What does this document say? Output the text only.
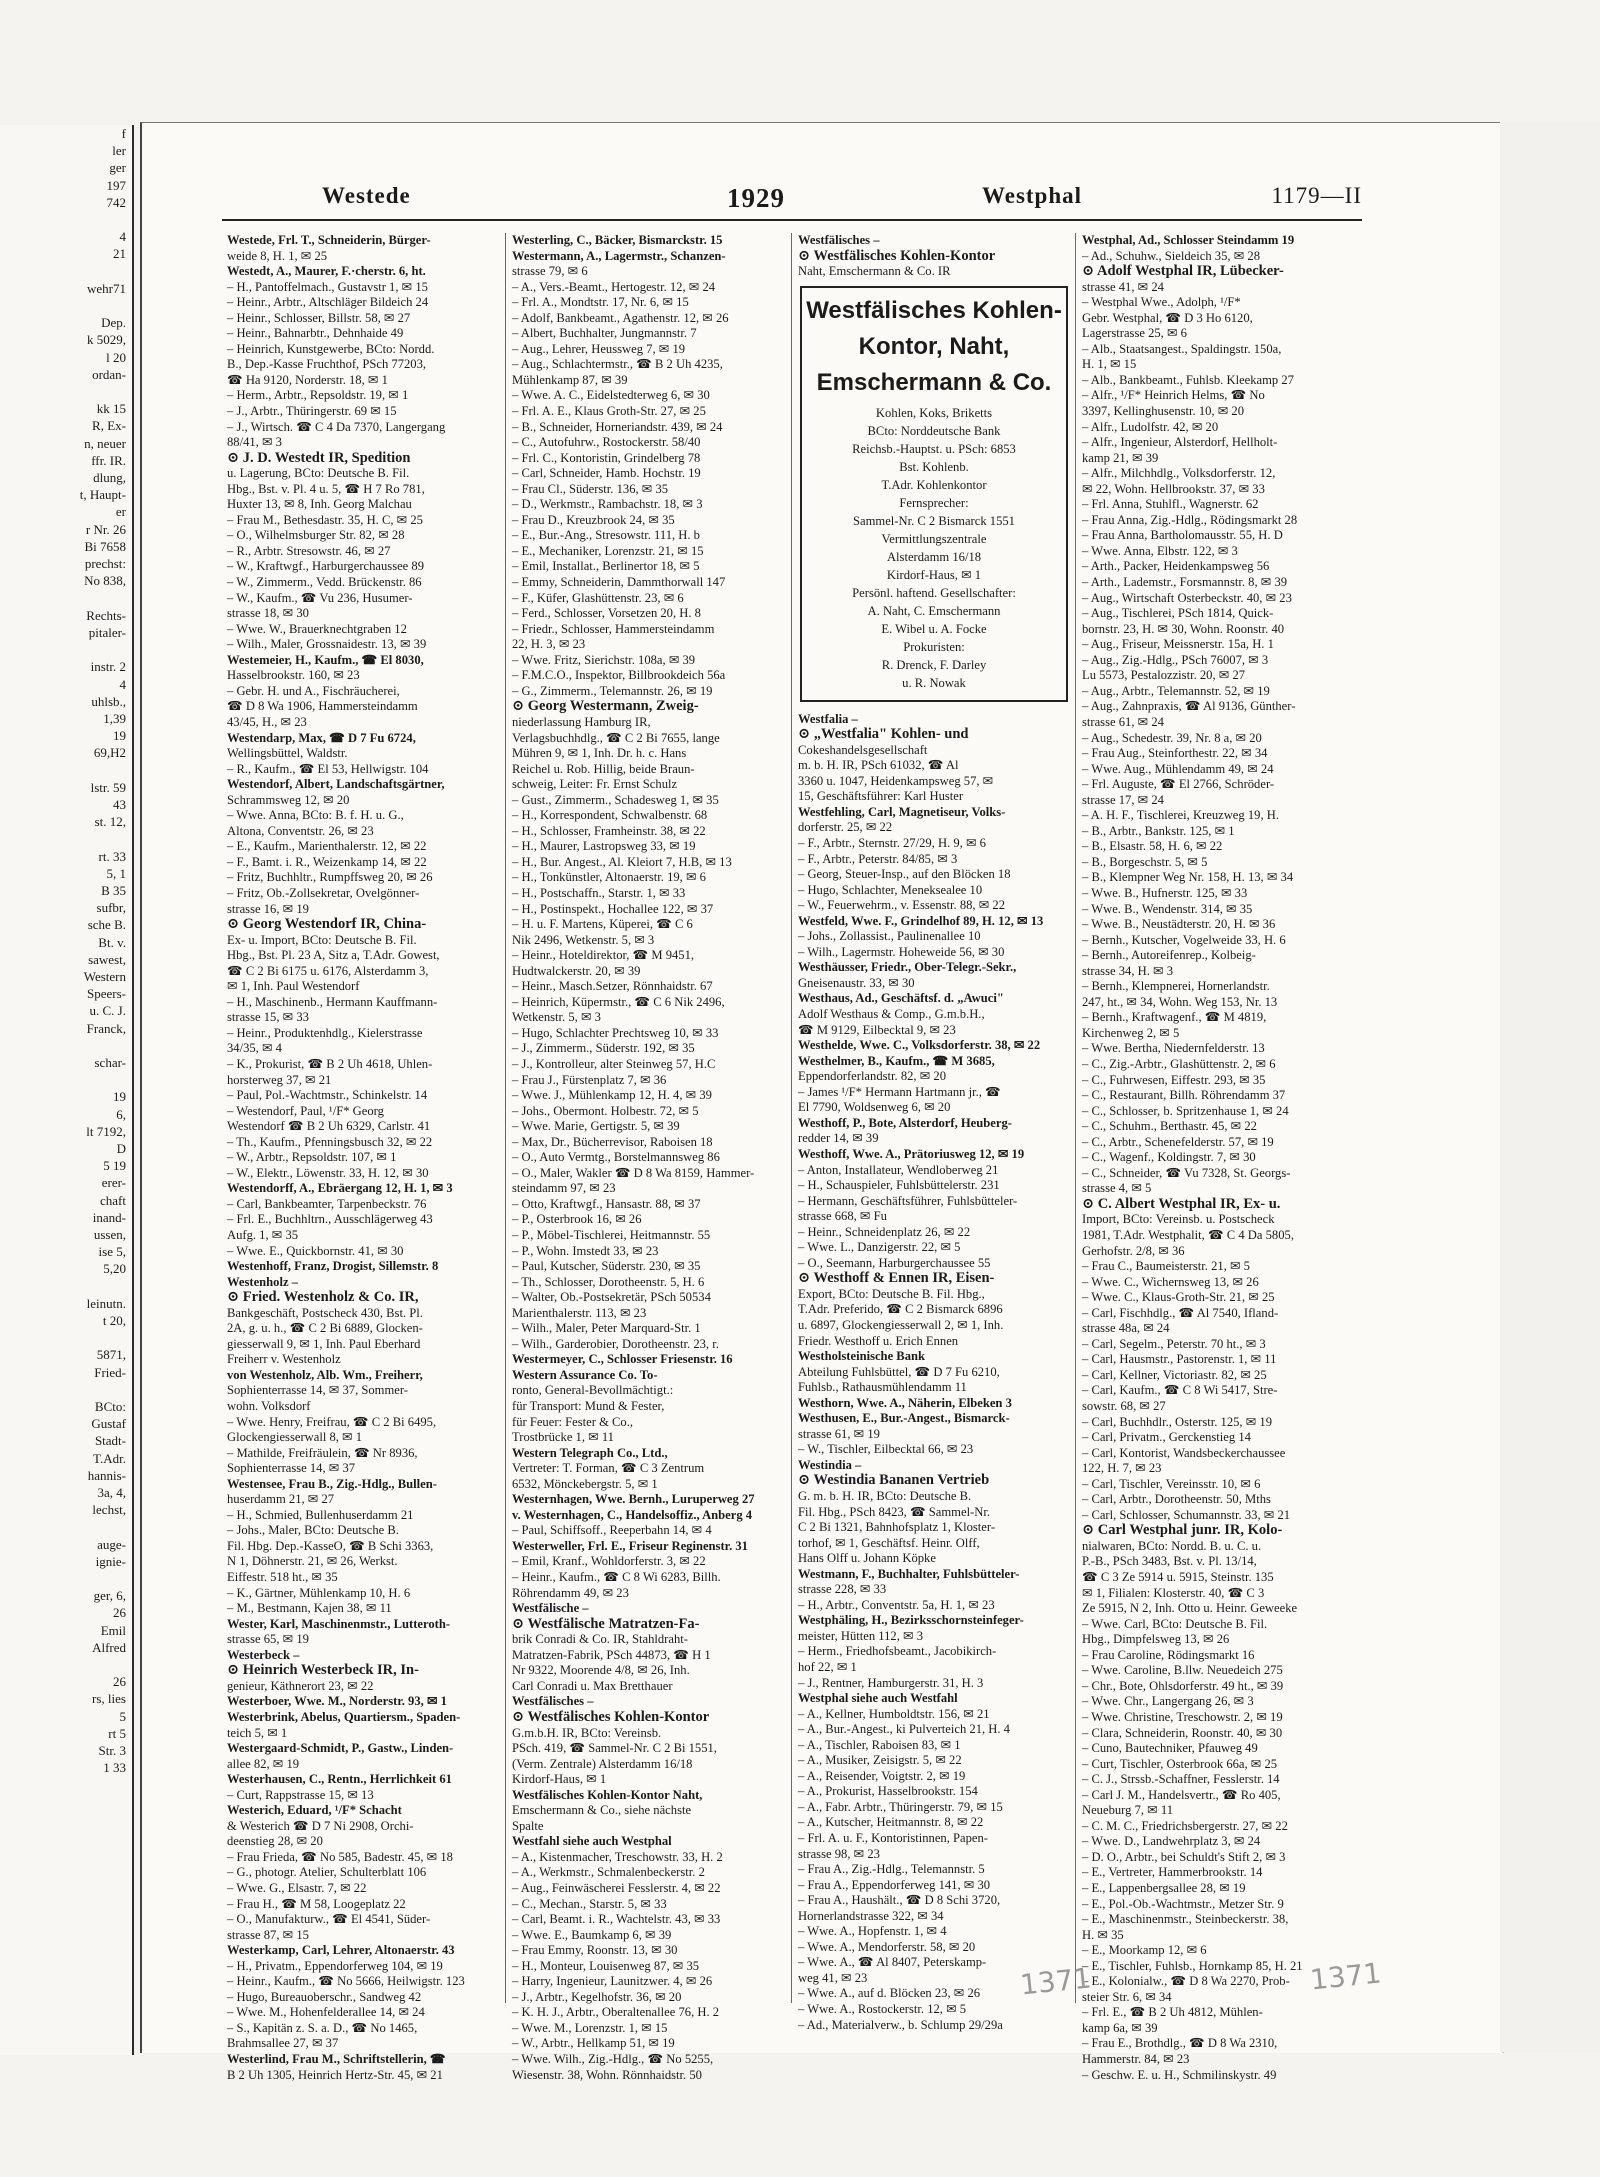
f
ler
ger
197
742

4
21

wehr71

Dep.
k 5029,
l 20
ordan-

kk 15
R, Ex-
n, neuer
ffr. IR.
dlung,
t, Haupt-
er
r Nr. 26
Bi 7658
prechst:
Nο 838,

Rechts-
pitaler-

instr. 2
4
uhlsb.,
1,39
19
69,H2

lstr. 59
43
st. 12,

rt. 33
5, 1
B 35
sufbr,
sche B.
Bt. v.
sawest,
Western
Speers-
u. C. J.
Franck,

schar-

19
6,
lt 7192,
D
5 19
erer-
chaft
inand-
ussen,
ise 5,
5,20

leinutn.
t 20,

5871,
Fried-

BCto:
Gustaf
Stadt-
T.Adr.
hannis-
3a, 4,
lechst,

auge-
ignie-

ger, 6,
26
Emil
Alfred

26
rs, lies
5
rt 5
Str. 3
1 33
Westede	1929	Westphal	1179—II
Westede, Frl. T., Schneiderin, Bürger-
weide 8, H. 1, ✉ 25
Westedt, A., Maurer, F.·cherstr. 6, ht.
– H., Pantoffelmach., Gustavstr 1, ✉ 15
– Heinr., Arbtr., Altschläger Bildeich 24
– Heinr., Schlosser, Billstr. 58, ✉ 27
– Heinr., Bahnarbtr., Dehnhaide 49
– Heinrich, Kunstgewerbe, BCto: Nordd.
B., Dep.-Kasse Fruchthof, PSch 77203,
☎ Ha 9120, Norderstr. 18, ✉ 1
– Herm., Arbtr., Repsoldstr. 19, ✉ 1
– J., Arbtr., Thüringerstr. 69 ✉ 15
– J., Wirtsch. ☎ C 4 Da 7370, Langergang
88/41, ✉ 3
⊙ J. D. Westedt IR, Spedition
u. Lagerung, BCto: Deutsche B. Fil.
Hbg., Bst. v. Pl. 4 u. 5, ☎ H 7 Ro 781,
Huxter 13, ✉ 8, Inh. Georg Malchau
– Frau M., Bethesdastr. 35, H. C, ✉ 25
– O., Wilhelmsburger Str. 82, ✉ 28
– R., Arbtr. Stresowstr. 46, ✉ 27
– W., Kraftwgf., Harburgerchaussee 89
– W., Zimmerm., Vedd. Brückenstr. 86
– W., Kaufm., ☎ Vu 236, Husumer-
strasse 18, ✉ 30
– Wwe. W., Brauerknechtgraben 12
– Wilh., Maler, Grossnaidestr. 13, ✉ 39
Westemeier, H., Kaufm., ☎ El 8030,
Hasselbrookstr. 160, ✉ 23
– Gebr. H. und A., Fischräucherei,
☎ D 8 Wa 1906, Hammersteindamm
43/45, H., ✉ 23
Westendarp, Max, ☎ D 7 Fu 6724,
Wellingsbüttel, Waldstr.
– R., Kaufm., ☎ El 53, Hellwigstr. 104
Westendorf, Albert, Landschaftsgärtner,
Schrammsweg 12, ✉ 20
– Wwe. Anna, BCto: B. f. H. u. G.,
Altona, Conventstr. 26, ✉ 23
– E., Kaufm., Marienthalerstr. 12, ✉ 22
– F., Bamt. i. R., Weizenkamp 14, ✉ 22
– Fritz, Buchhltr., Rumpffsweg 20, ✉ 26
– Fritz, Ob.-Zollsekretar, Ovelgönner-
strasse 16, ✉ 19
⊙ Georg Westendorf IR, China-
Ex- u. Import, BCto: Deutsche B. Fil.
Hbg., Bst. Pl. 23 A, Sitz a, T.Adr. Gowest,
☎ C 2 Bi 6175 u. 6176, Alsterdamm 3,
✉ 1, Inh. Paul Westendorf
– H., Maschinenb., Hermann Kauffmann-
strasse 15, ✉ 33
– Heinr., Produktenhdlg., Kielerstrasse
34/35, ✉ 4
– K., Prokurist, ☎ B 2 Uh 4618, Uhlen-
horsterweg 37, ✉ 21
– Paul, Pol.-Wachtmstr., Schinkelstr. 14
– Westendorf, Paul, ¹/F* Georg
Westendorf ☎ B 2 Uh 6329, Carlstr. 41
– Th., Kaufm., Pfenningsbusch 32, ✉ 22
– W., Arbtr., Repsoldstr. 107, ✉ 1
– W., Elektr., Löwenstr. 33, H. 12, ✉ 30
Westendorff, A., Ebräergang 12, H. 1, ✉ 3
– Carl, Bankbeamter, Tarpenbeckstr. 76
– Frl. E., Buchhltrn., Ausschlägerweg 43
Aufg. 1, ✉ 35
– Wwe. E., Quickbornstr. 41, ✉ 30
Westenhoff, Franz, Drogist, Sillemstr. 8
Westenholz –
⊙ Fried. Westenholz & Co. IR,
Bankgeschäft, Postscheck 430, Bst. Pl.
2A, g. u. h., ☎ C 2 Bi 6889, Glocken-
giesserwall 9, ✉ 1, Inh. Paul Eberhard
Freiherr v. Westenholz
von Westenholz, Alb. Wm., Freiherr,
Sophienterrasse 14, ✉ 37, Sommer-
wohn. Volksdorf
– Wwe. Henry, Freifrau, ☎ C 2 Bi 6495,
Glockengiesserwall 8, ✉ 1
– Mathilde, Freifräulein, ☎ Nr 8936,
Sophienterrasse 14, ✉ 37
Westensee, Frau B., Zig.-Hdlg., Bullen-
huserdamm 21, ✉ 27
– H., Schmied, Bullenhuserdamm 21
– Johs., Maler, BCto: Deutsche B.
Fil. Hbg. Dep.-KasseO, ☎ B Schi 3363,
N 1, Döhnerstr. 21, ✉ 26, Werkst.
Eiffestr. 518 ht., ✉ 35
– K., Gärtner, Mühlenkamp 10, H. 6
– M., Bestmann, Kajen 38, ✉ 11
Wester, Karl, Maschinenmstr., Lutteroth-
strasse 65, ✉ 19
Westerbeck –
⊙ Heinrich Westerbeck IR, In-
genieur, Käthnerort 23, ✉ 22
Westerboer, Wwe. M., Norderstr. 93, ✉ 1
Westerbrink, Abelus, Quartiersm., Spaden-
teich 5, ✉ 1
Westergaard-Schmidt, P., Gastw., Linden-
allee 82, ✉ 19
Westerhausen, C., Rentn., Herrlichkeit 61
– Curt, Rappstrasse 15, ✉ 13
Westerich, Eduard, ¹/F* Schacht
& Westerich ☎ D 7 Ni 2908, Orchi-
deenstieg 28, ✉ 20
– Frau Frieda, ☎ No 585, Badestr. 45, ✉ 18
– G., photogr. Atelier, Schulterblatt 106
– Wwe. G., Elsastr. 7, ✉ 22
– Frau H., ☎ M 58, Loogeplatz 22
– O., Manufakturw., ☎ El 4541, Süder-
strasse 87, ✉ 15
Westerkamp, Carl, Lehrer, Altonaerstr. 43
– H., Privatm., Eppendorferweg 104, ✉ 19
– Heinr., Kaufm., ☎ No 5666, Heilwigstr. 123
– Hugo, Bureauoberschr., Sandweg 42
– Wwe. M., Hohenfelderallee 14, ✉ 24
– S., Kapitän z. S. a. D., ☎ No 1465,
Brahmsallee 27, ✉ 37
Westerlind, Frau M., Schriftstellerin, ☎
B 2 Uh 1305, Heinrich Hertz-Str. 45, ✉ 21
Westerling, C., Bäcker, Bismarckstr. 15
Westermann, A., Lagermstr., Schanzen-
strasse 79, ✉ 6
– A., Vers.-Beamt., Hertogestr. 12, ✉ 24
– Frl. A., Mondtstr. 17, Nr. 6, ✉ 15
– Adolf, Bankbeamt., Agathenstr. 12, ✉ 26
– Albert, Buchhalter, Jungmannstr. 7
– Aug., Lehrer, Heussweg 7, ✉ 19
– Aug., Schlachtermstr., ☎ B 2 Uh 4235,
Mühlenkamp 87, ✉ 39
– Wwe. A. C., Eidelstedterweg 6, ✉ 30
– Frl. A. E., Klaus Groth-Str. 27, ✉ 25
– B., Schneider, Horneriandstr. 439, ✉ 24
– C., Autofuhrw., Rostockerstr. 58/40
– Frl. C., Kontoristin, Grindelberg 78
– Carl, Schneider, Hamb. Hochstr. 19
– Frau Cl., Süderstr. 136, ✉ 35
– D., Werkmstr., Rambachstr. 18, ✉ 3
– Frau D., Kreuzbrook 24, ✉ 35
– E., Bur.-Ang., Stresowstr. 111, H. b
– E., Mechaniker, Lorenzstr. 21, ✉ 15
– Emil, Installat., Berlinertor 18, ✉ 5
– Emmy, Schneiderin, Dammthorwall 147
– F., Küfer, Glashüttenstr. 23, ✉ 6
– Ferd., Schlosser, Vorsetzen 20, H. 8
– Friedr., Schlosser, Hammersteindamm
22, H. 3, ✉ 23
– Wwe. Fritz, Sierichstr. 108a, ✉ 39
– F.M.C.O., Inspektor, Billbrookdeich 56a
– G., Zimmerm., Telemannstr. 26, ✉ 19
⊙ Georg Westermann, Zweig-
niederlassung Hamburg IR,
Verlagsbuchhdlg., ☎ C 2 Bi 7655, lange
Mühren 9, ✉ 1, Inh. Dr. h. c. Hans
Reichel u. Rob. Hillig, beide Braun-
schweig, Leiter: Fr. Ernst Schulz
– Gust., Zimmerm., Schadesweg 1, ✉ 35
– H., Korrespondent, Schwalbenstr. 68
– H., Schlosser, Framheinstr. 38, ✉ 22
– H., Maurer, Lastropsweg 33, ✉ 19
– H., Bur. Angest., Al. Kleiort 7, H.B, ✉ 13
– H., Tonkünstler, Altonaerstr. 19, ✉ 6
– H., Postschaffn., Starstr. 1, ✉ 33
– H., Postinspekt., Hochallee 122, ✉ 37
– H. u. F. Martens, Küperei, ☎ C 6
Nik 2496, Wetkenstr. 5, ✉ 3
– Heinr., Hoteldirektor, ☎ M 9451,
Hudtwalckerstr. 20, ✉ 39
– Heinr., Masch.Setzer, Rönnhaidstr. 67
– Heinrich, Küpermstr., ☎ C 6 Nik 2496,
Wetkenstr. 5, ✉ 3
– Hugo, Schlachter Prechtsweg 10, ✉ 33
– J., Zimmerm., Süderstr. 192, ✉ 35
– J., Kontrolleur, alter Steinweg 57, H.C
– Frau J., Fürstenplatz 7, ✉ 36
– Wwe. J., Mühlenkamp 12, H. 4, ✉ 39
– Johs., Obermont. Holbestr. 72, ✉ 5
– Wwe. Marie, Gertigstr. 5, ✉ 39
– Max, Dr., Bücherrevisor, Raboisen 18
– O., Auto Vermtg., Borstelmannsweg 86
– O., Maler, Wakler ☎ D 8 Wa 8159, Hammer-
steindamm 97, ✉ 23
– Otto, Kraftwgf., Hansastr. 88, ✉ 37
– P., Osterbrook 16, ✉ 26
– P., Möbel-Tischlerei, Heitmannstr. 55
– P., Wohn. Imstedt 33, ✉ 23
– Paul, Kutscher, Süderstr. 230, ✉ 35
– Th., Schlosser, Dorotheenstr. 5, H. 6
– Walter, Ob.-Postsekretär, PSch 50534
Marienthalerstr. 113, ✉ 23
– Wilh., Maler, Peter Marquard-Str. 1
– Wilh., Garderobier, Dorotheenstr. 23, r.
Westermeyer, C., Schlosser Friesenstr. 16
Western Assurance Co. To-
ronto, General-Bevollmächtigt.:
für Transport: Mund & Fester,
für Feuer: Fester & Co.,
Trostbrücke 1, ✉ 11
Western Telegraph Co., Ltd.,
Vertreter: T. Forman, ☎ C 3 Zentrum
6532, Mönckebergstr. 5, ✉ 1
Westernhagen, Wwe. Bernh., Luruperweg 27
v. Westernhagen, C., Handelsoffiz., Anberg 4
– Paul, Schiffsoff., Reeperbahn 14, ✉ 4
Westerweller, Frl. E., Friseur Reginenstr. 31
– Emil, Kranf., Wohldorferstr. 3, ✉ 22
– Heinr., Kaufm., ☎ C 8 Wi 6283, Billh.
Röhrendamm 49, ✉ 23
Westfälische –
⊙ Westfälische Matratzen-Fa-
brik Conradi & Co. IR, Stahldraht-
Matratzen-Fabrik, PSch 44873, ☎ H 1
Nr 9322, Moorende 4/8, ✉ 26, Inh.
Carl Conradi u. Max Bretthauer
Westfälisches –
⊙ Westfälisches Kohlen-Kontor
G.m.b.H. IR, BCto: Vereinsb.
PSch. 419, ☎ Sammel-Nr. C 2 Bi 1551,
(Verm. Zentrale) Alsterdamm 16/18
Kirdorf-Haus, ✉ 1
Westfälisches Kohlen-Kontor Naht,
Emschermann & Co., siehe nächste
Spalte
Westfahl siehe auch Westphal
– A., Kistenmacher, Treschowstr. 33, H. 2
– A., Werkmstr., Schmalenbeckerstr. 2
– Aug., Feinwäscherei Fesslerstr. 4, ✉ 22
– C., Mechan., Starstr. 5, ✉ 33
– Carl, Beamt. i. R., Wachtelstr. 43, ✉ 33
– Wwe. E., Baumkamp 6, ✉ 39
– Frau Emmy, Roonstr. 13, ✉ 30
– H., Monteur, Louisenweg 87, ✉ 35
– Harry, Ingenieur, Launitzwer. 4, ✉ 26
– J., Arbtr., Kegelhofstr. 36, ✉ 20
– K. H. J., Arbtr., Oberaltenallee 76, H. 2
– Wwe. M., Lorenzstr. 1, ✉ 15
– W., Arbtr., Hellkamp 51, ✉ 19
– Wwe. Wilh., Zig.-Hdlg., ☎ No 5255,
Wiesenstr. 38, Wohn. Rönnhaidstr. 50
Westfälisches –
⊙ Westfälisches Kohlen-Kontor
Naht, Emschermann & Co. IR
Westfälisches Kohlen-
Kontor, Naht,
Emschermann & Co.
Kohlen, Koks, Briketts
BCto: Norddeutsche Bank
Reichsb.-Hauptst. u. PSch: 6853
Bst. Kohlenb.
T.Adr. Kohlenkontor
Fernsprecher:
Sammel-Nr. C 2 Bismarck 1551
Vermittlungszentrale
Alsterdamm 16/18
Kirdorf-Haus, ✉ 1
Persönl. haftend. Gesellschafter:
A. Naht, C. Emschermann
E. Wibel u. A. Focke
Prokuristen:
R. Drenck, F. Darley
u. R. Nowak
Westfalia –
⊙ „Westfalia" Kohlen- und
Cokeshandelsgesellschaft
m. b. H. IR, PSch 61032, ☎ Al
3360 u. 1047, Heidenkampsweg 57, ✉
15, Geschäftsführer: Karl Huster
Westfehling, Carl, Magnetiseur, Volks-
dorferstr. 25, ✉ 22
– F., Arbtr., Sternstr. 27/29, H. 9, ✉ 6
– F., Arbtr., Peterstr. 84/85, ✉ 3
– Georg, Steuer-Insp., auf den Blöcken 18
– Hugo, Schlachter, Meneksealee 10
– W., Feuerwehrm., v. Essenstr. 88, ✉ 22
Westfeld, Wwe. F., Grindelhof 89, H. 12, ✉ 13
– Johs., Zollassist., Paulinenallee 10
– Wilh., Lagermstr. Hoheweide 56, ✉ 30
Westhäusser, Friedr., Ober-Telegr.-Sekr.,
Gneisenaustr. 33, ✉ 30
Westhaus, Ad., Geschäftsf. d. „Awuci"
Adolf Westhaus & Comp., G.m.b.H.,
☎ M 9129, Eilbecktal 9, ✉ 23
Westhelde, Wwe. C., Volksdorferstr. 38, ✉ 22
Westhelmer, B., Kaufm., ☎ M 3685,
Eppendorferlandstr. 82, ✉ 20
– James ¹/F* Hermann Hartmann jr., ☎
El 7790, Woldsenweg 6, ✉ 20
Westhoff, P., Bote, Alsterdorf, Heuberg-
redder 14, ✉ 39
Westhoff, Wwe. A., Prätoriusweg 12, ✉ 19
– Anton, Installateur, Wendloberweg 21
– H., Schauspieler, Fuhlsbüttelerstr. 231
– Hermann, Geschäftsführer, Fuhlsbütteler-
strasse 668, ✉ Fu
– Heinr., Schneidenplatz 26, ✉ 22
– Wwe. L., Danzigerstr. 22, ✉ 5
– O., Seemann, Harburgerchaussee 55
⊙ Westhoff & Ennen IR, Eisen-
Export, BCto: Deutsche B. Fil. Hbg.,
T.Adr. Preferido, ☎ C 2 Bismarck 6896
u. 6897, Glockengiesserwall 2, ✉ 1, Inh.
Friedr. Westhoff u. Erich Ennen
Westholsteinische Bank
Abteilung Fuhlsbüttel, ☎ D 7 Fu 6210,
Fuhlsb., Rathausmühlendamm 11
Westhorn, Wwe. A., Näherin, Elbeken 3
Westhusen, E., Bur.-Angest., Bismarck-
strasse 61, ✉ 19
– W., Tischler, Eilbecktal 66, ✉ 23
Westindia –
⊙ Westindia Bananen Vertrieb
G. m. b. H. IR, BCto: Deutsche B.
Fil. Hbg., PSch 8423, ☎ Sammel-Nr.
C 2 Bi 1321, Bahnhofsplatz 1, Kloster-
torhof, ✉ 1, Geschäftsf. Heinr. Olff,
Hans Olff u. Johann Köpke
Westmann, F., Buchhalter, Fuhlsbütteler-
strasse 228, ✉ 33
– H., Arbtr., Conventstr. 5a, H. 1, ✉ 23
Westphäling, H., Bezirksschornsteinfeger-
meister, Hütten 112, ✉ 3
– Herm., Friedhofsbeamt., Jacobikirch-
hof 22, ✉ 1
– J., Rentner, Hamburgerstr. 31, H. 3
Westphal siehe auch Westfahl
– A., Kellner, Humboldtstr. 156, ✉ 21
– A., Bur.-Angest., ki Pulverteich 21, H. 4
– A., Tischler, Raboisen 83, ✉ 1
– A., Musiker, Zeisigstr. 5, ✉ 22
– A., Reisender, Voigtstr. 2, ✉ 19
– A., Prokurist, Hasselbrookstr. 154
– A., Fabr. Arbtr., Thüringerstr. 79, ✉ 15
– A., Kutscher, Heitmannstr. 8, ✉ 22
– Frl. A. u. F., Kontoristinnen, Papen-
strasse 98, ✉ 23
– Frau A., Zig.-Hdlg., Telemannstr. 5
– Frau A., Eppendorferweg 141, ✉ 30
– Frau A., Haushält., ☎ D 8 Schi 3720,
Hornerlandstrasse 322, ✉ 34
– Wwe. A., Hopfenstr. 1, ✉ 4
– Wwe. A., Mendorferstr. 58, ✉ 20
– Wwe. A., ☎ Al 8407, Peterskamp-
weg 41, ✉ 23
– Wwe. A., auf d. Blöcken 23, ✉ 26
– Wwe. A., Rostockerstr. 12, ✉ 5
– Ad., Materialverw., b. Schlump 29/29a
Westphal, Ad., Schlosser Steindamm 19
– Ad., Schuhw., Sieldeich 35, ✉ 28
⊙ Adolf Westphal IR, Lübecker-
strasse 41, ✉ 24
– Westphal Wwe., Adolph, ¹/F*
Gebr. Westphal, ☎ D 3 Ho 6120,
Lagerstrasse 25, ✉ 6
– Alb., Staatsangest., Spaldingstr. 150a,
H. 1, ✉ 15
– Alb., Bankbeamt., Fuhlsb. Kleekamp 27
– Alfr., ¹/F* Heinrich Helms, ☎ No
3397, Kellinghusenstr. 10, ✉ 20
– Alfr., Ludolfstr. 42, ✉ 20
– Alfr., Ingenieur, Alsterdorf, Hellholt-
kamp 21, ✉ 39
– Alfr., Milchhdlg., Volksdorferstr. 12,
✉ 22, Wohn. Hellbrookstr. 37, ✉ 33
– Frl. Anna, Stuhlfl., Wagnerstr. 62
– Frau Anna, Zig.-Hdlg., Rödingsmarkt 28
– Frau Anna, Bartholomausstr. 55, H. D
– Wwe. Anna, Elbstr. 122, ✉ 3
– Arth., Packer, Heidenkampsweg 56
– Arth., Lademstr., Forsmannstr. 8, ✉ 39
– Aug., Wirtschaft Osterbeckstr. 40, ✉ 23
– Aug., Tischlerei, PSch 1814, Quick-
bornstr. 23, H. ✉ 30, Wohn. Roonstr. 40
– Aug., Friseur, Meissnerstr. 15a, H. 1
– Aug., Zig.-Hdlg., PSch 76007, ✉ 3
Lu 5573, Pestalozzistr. 20, ✉ 27
– Aug., Arbtr., Telemannstr. 52, ✉ 19
– Aug., Zahnpraxis, ☎ Al 9136, Günther-
strasse 61, ✉ 24
– Aug., Schedestr. 39, Nr. 8 a, ✉ 20
– Frau Aug., Steinforthestr. 22, ✉ 34
– Wwe. Aug., Mühlendamm 49, ✉ 24
– Frl. Auguste, ☎ El 2766, Schröder-
strasse 17, ✉ 24
– A. H. F., Tischlerei, Kreuzweg 19, H.
– B., Arbtr., Bankstr. 125, ✉ 1
– B., Elsastr. 58, H. 6, ✉ 22
– B., Borgeschstr. 5, ✉ 5
– B., Klempner Weg Nr. 158, H. 13, ✉ 34
– Wwe. B., Hufnerstr. 125, ✉ 33
– Wwe. B., Wendenstr. 314, ✉ 35
– Wwe. B., Neustädterstr. 20, H. ✉ 36
– Bernh., Kutscher, Vogelweide 33, H. 6
– Bernh., Autoreifenrep., Kolbeig-
strasse 34, H. ✉ 3
– Bernh., Klempnerei, Hornerlandstr.
247, ht., ✉ 34, Wohn. Weg 153, Nr. 13
– Bernh., Kraftwagenf., ☎ M 4819,
Kirchenweg 2, ✉ 5
– Wwe. Bertha, Niedernfelderstr. 13
– C., Zig.-Arbtr., Glashüttenstr. 2, ✉ 6
– C., Fuhrwesen, Eiffestr. 293, ✉ 35
– C., Restaurant, Billh. Röhrendamm 37
– C., Schlosser, b. Spritzenhause 1, ✉ 24
– C., Schuhm., Berthastr. 45, ✉ 22
– C., Arbtr., Schenefelderstr. 57, ✉ 19
– C., Wagenf., Koldingstr. 7, ✉ 30
– C., Schneider, ☎ Vu 7328, St. Georgs-
strasse 4, ✉ 5
⊙ C. Albert Westphal IR, Ex- u.
Import, BCto: Vereinsb. u. Postscheck
1981, T.Adr. Westphalit, ☎ C 4 Da 5805,
Gerhofstr. 2/8, ✉ 36
– Frau C., Baumeisterstr. 21, ✉ 5
– Wwe. C., Wichernsweg 13, ✉ 26
– Wwe. C., Klaus-Groth-Str. 21, ✉ 25
– Carl, Fischhdlg., ☎ Al 7540, Ifland-
strasse 48a, ✉ 24
– Carl, Segelm., Peterstr. 70 ht., ✉ 3
– Carl, Hausmstr., Pastorenstr. 1, ✉ 11
– Carl, Kellner, Victoriastr. 82, ✉ 25
– Carl, Kaufm., ☎ C 8 Wi 5417, Stre-
sowstr. 68, ✉ 27
– Carl, Buchhdlr., Osterstr. 125, ✉ 19
– Carl, Privatm., Gerckenstieg 14
– Carl, Kontorist, Wandsbeckerchaussee
122, H. 7, ✉ 23
– Carl, Tischler, Vereinsstr. 10, ✉ 6
– Carl, Arbtr., Dorotheenstr. 50, Mths
– Carl, Schlosser, Schumannstr. 33, ✉ 21
⊙ Carl Westphal junr. IR, Kolo-
nialwaren, BCto: Nordd. B. u. C. u.
P.-B., PSch 3483, Bst. v. Pl. 13/14,
☎ C 3 Ze 5914 u. 5915, Steinstr. 135
✉ 1, Filialen: Klosterstr. 40, ☎ C 3
Ze 5915, N 2, Inh. Otto u. Heinr. Geweeke
– Wwe. Carl, BCto: Deutsche B. Fil.
Hbg., Dimpfelsweg 13, ✉ 26
– Frau Caroline, Rödingsmarkt 16
– Wwe. Caroline, B.llw. Neuedeich 275
– Chr., Bote, Ohlsdorferstr. 49 ht., ✉ 39
– Wwe. Chr., Langergang 26, ✉ 3
– Wwe. Christine, Treschowstr. 2, ✉ 19
– Clara, Schneiderin, Roonstr. 40, ✉ 30
– Cuno, Bautechniker, Pfauweg 49
– Curt, Tischler, Osterbrook 66a, ✉ 25
– C. J., Strssb.-Schaffner, Fesslerstr. 14
– Carl J. M., Handelsvertr., ☎ Ro 405,
Neueburg 7, ✉ 11
– C. M. C., Friedrichsbergerstr. 27, ✉ 22
– Wwe. D., Landwehrplatz 3, ✉ 24
– D. O., Arbtr., bei Schuldt's Stift 2, ✉ 3
– E., Vertreter, Hammerbrookstr. 14
– E., Lappenbergsallee 28, ✉ 19
– E., Pol.-Ob.-Wachtmstr., Metzer Str. 9
– E., Maschinenmstr., Steinbeckerstr. 38,
H. ✉ 35
– E., Moorkamp 12, ✉ 6
– E., Tischler, Fuhlsb., Hornkamp 85, H. 21
– E., Kolonialw., ☎ D 8 Wa 2270, Prob-
steier Str. 6, ✉ 34
– Frl. E., ☎ B 2 Uh 4812, Mühlen-
kamp 6a, ✉ 39
– Frau E., Brothdlg., ☎ D 8 Wa 2310,
Hammerstr. 84, ✉ 23
– Geschw. E. u. H., Schmilinskystr. 49
1371	1371
